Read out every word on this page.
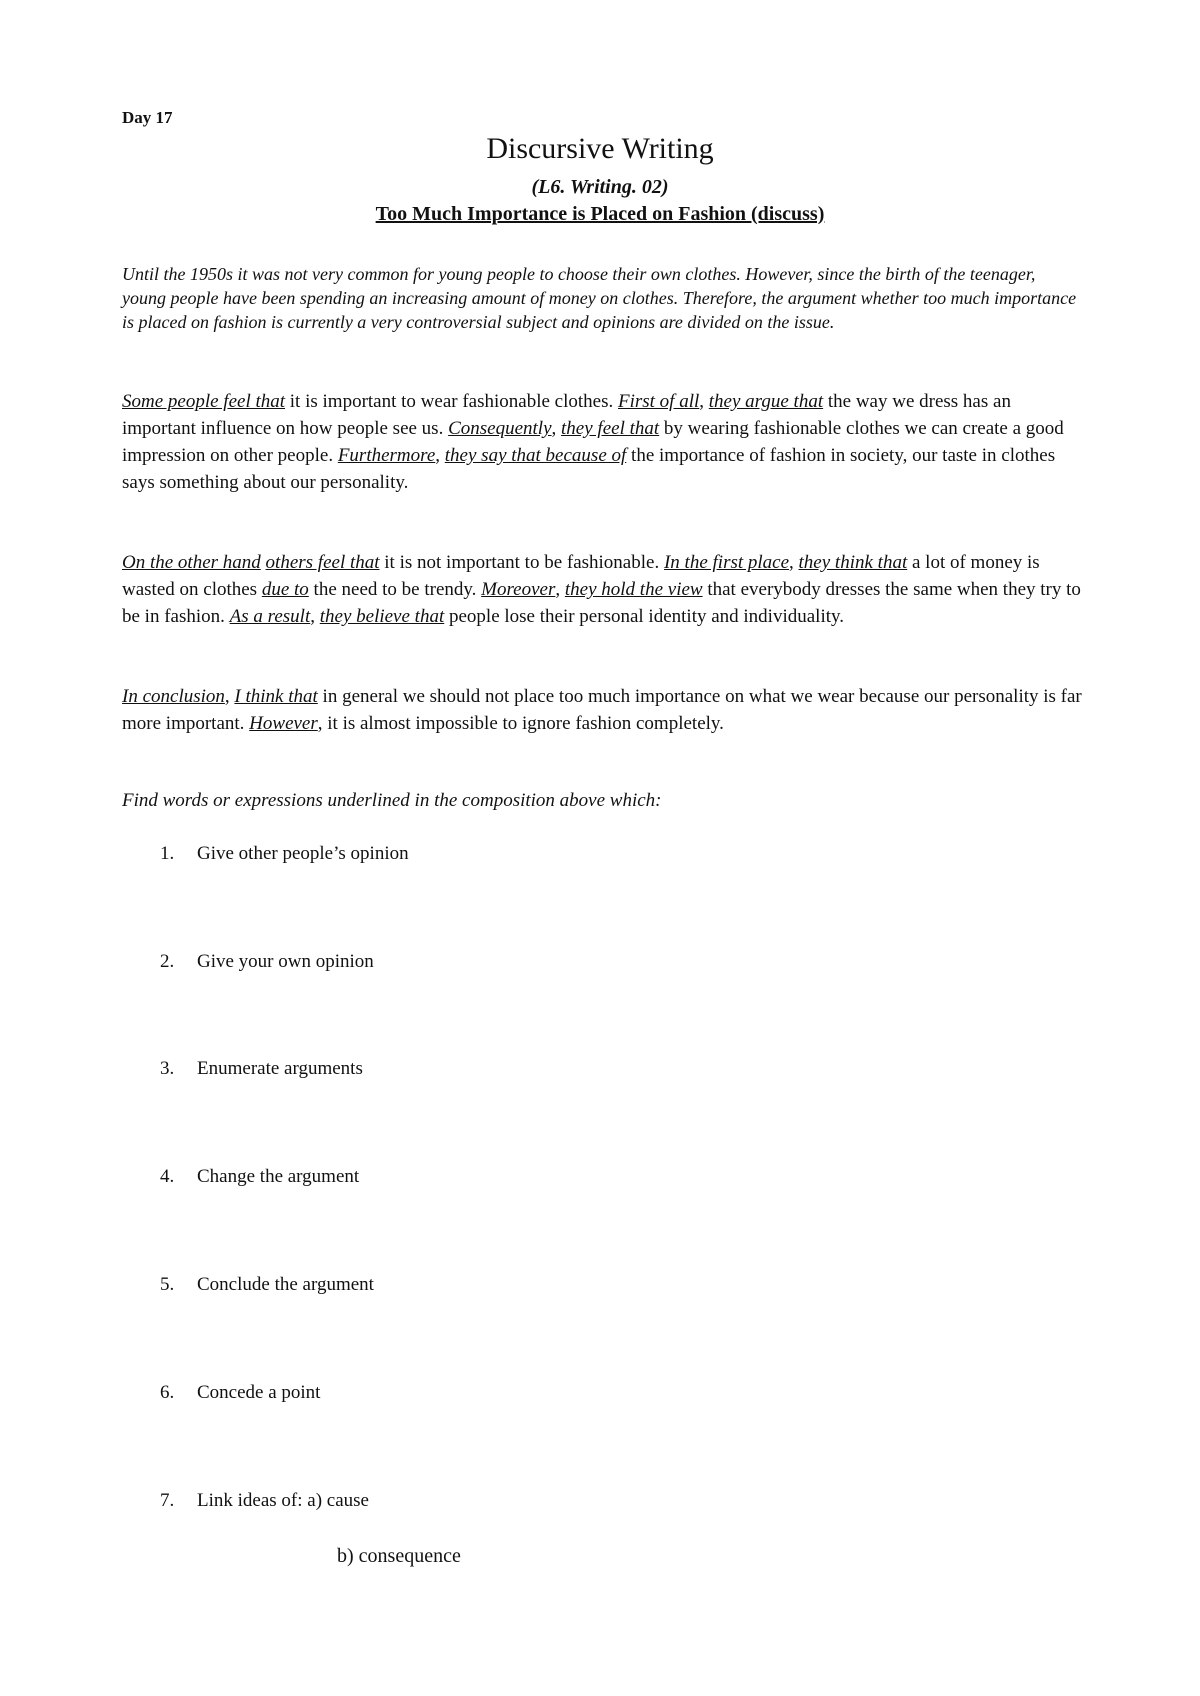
Day 17
Discursive Writing
(L6. Writing. 02)
Too Much Importance is Placed on Fashion (discuss)
Until the 1950s it was not very common for young people to choose their own clothes. However, since the birth of the teenager, young people have been spending an increasing amount of money on clothes. Therefore, the argument whether too much importance is placed on fashion is currently a very controversial subject and opinions are divided on the issue.
Some people feel that it is important to wear fashionable clothes. First of all, they argue that the way we dress has an important influence on how people see us. Consequently, they feel that by wearing fashionable clothes we can create a good impression on other people. Furthermore, they say that because of the importance of fashion in society, our taste in clothes says something about our personality.
On the other hand others feel that it is not important to be fashionable. In the first place, they think that a lot of money is wasted on clothes due to the need to be trendy. Moreover, they hold the view that everybody dresses the same when they try to be in fashion. As a result, they believe that people lose their personal identity and individuality.
In conclusion, I think that in general we should not place too much importance on what we wear because our personality is far more important. However, it is almost impossible to ignore fashion completely.
Find words or expressions underlined in the composition above which:
1. Give other people’s opinion
2. Give your own opinion
3. Enumerate arguments
4. Change the argument
5. Conclude the argument
6. Concede a point
7. Link ideas of: a) cause
b) consequence
